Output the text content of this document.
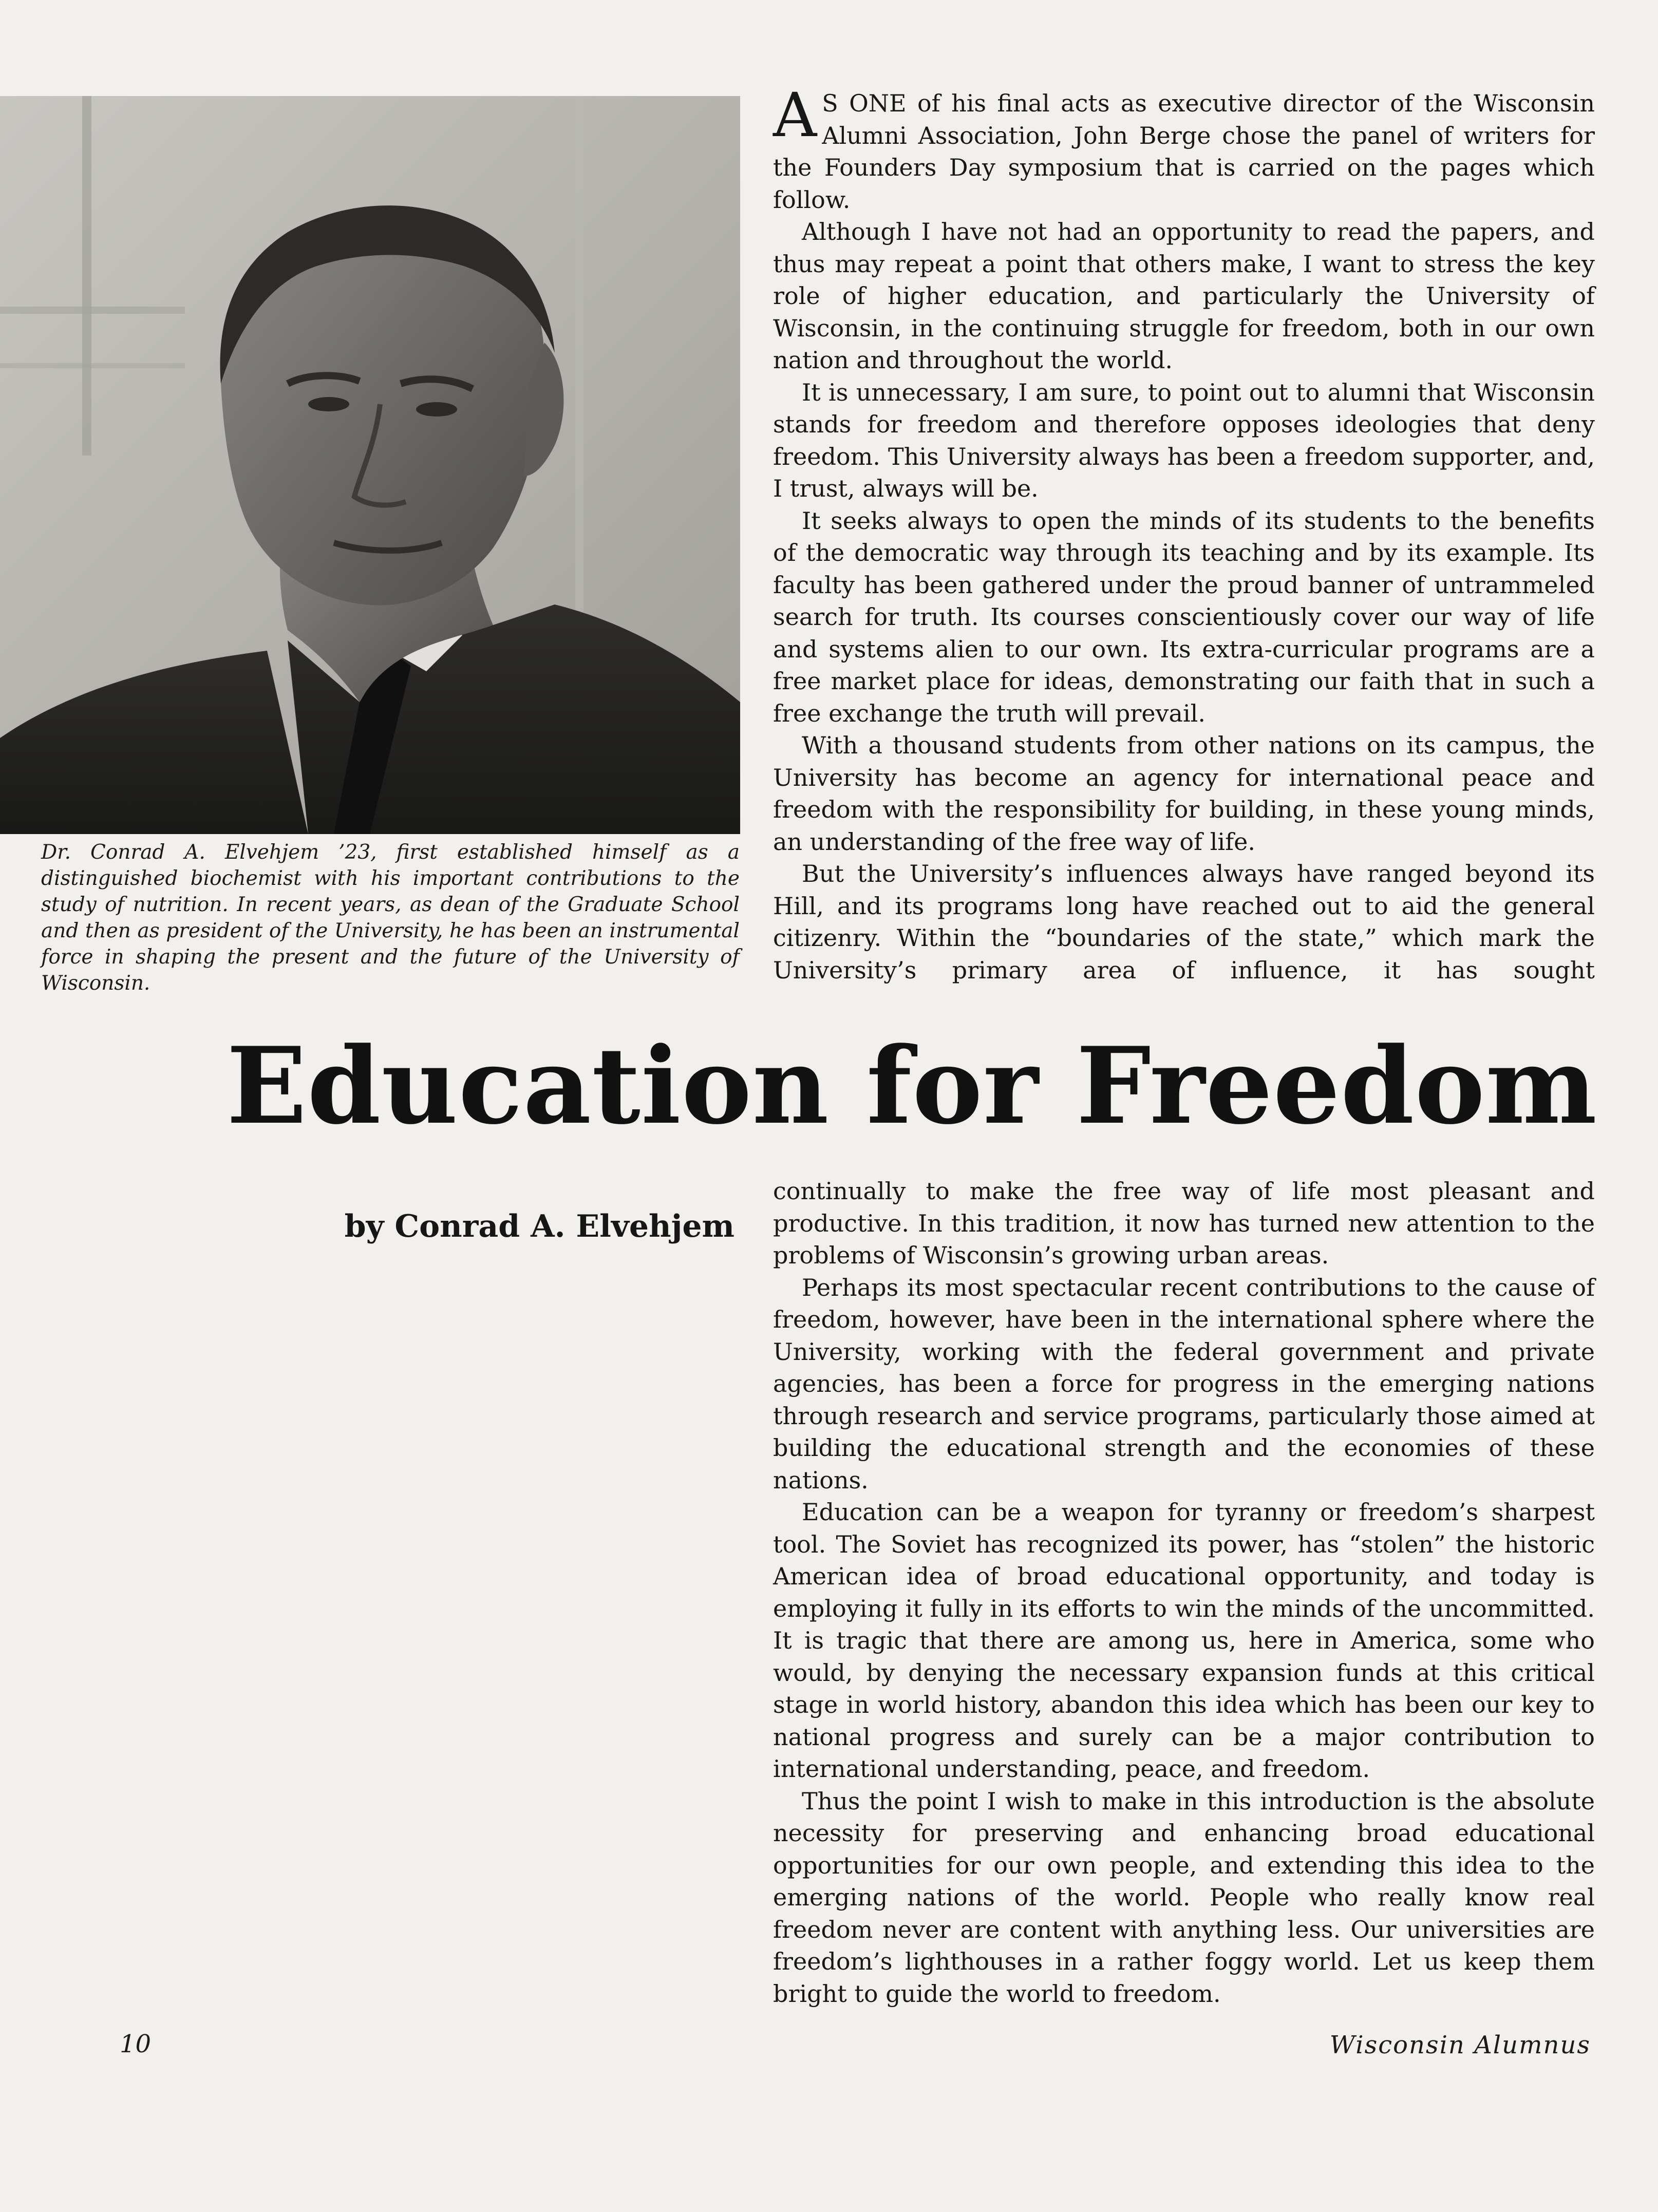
Dr. Conrad A. Elvehjem ’23, first established himself as a distinguished biochemist with his important contributions to the study of nutrition. In recent years, as dean of the Graduate School and then as president of the University, he has been an instrumental force in shaping the present and the future of the University of Wisconsin.

A S ONE of his final acts as executive director of the Wisconsin Alumni Association, John Berge chose the panel of writers for the Founders Day symposium that is carried on the pages which follow.

Although I have not had an opportunity to read the papers, and thus may repeat a point that others make, I want to stress the key role of higher education, and particularly the University of Wisconsin, in the continuing struggle for freedom, both in our own nation and throughout the world.

It is unnecessary, I am sure, to point out to alumni that Wisconsin stands for freedom and therefore opposes ideologies that deny freedom. This University always has been a freedom supporter, and, I trust, always will be.

It seeks always to open the minds of its students to the benefits of the democratic way through its teaching and by its example. Its faculty has been gathered under the proud banner of untrammeled search for truth. Its courses conscientiously cover our way of life and systems alien to our own. Its extra-curricular programs are a free market place for ideas, demonstrating our faith that in such a free exchange the truth will prevail.

With a thousand students from other nations on its campus, the University has become an agency for international peace and freedom with the responsibility for building, in these young minds, an understanding of the free way of life.

But the University’s influences always have ranged beyond its Hill, and its programs long have reached out to aid the general citizenry. Within the “boundaries of the state,” which mark the University’s primary area of influence, it has sought

Education for Freedom
by Conrad A. Elvehjem

continually to make the free way of life most pleasant and productive. In this tradition, it now has turned new attention to the problems of Wisconsin’s growing urban areas.

Perhaps its most spectacular recent contributions to the cause of freedom, however, have been in the international sphere where the University, working with the federal government and private agencies, has been a force for progress in the emerging nations through research and service programs, particularly those aimed at building the educational strength and the economies of these nations.

Education can be a weapon for tyranny or freedom’s sharpest tool. The Soviet has recognized its power, has “stolen” the historic American idea of broad educational opportunity, and today is employing it fully in its efforts to win the minds of the uncommitted. It is tragic that there are among us, here in America, some who would, by denying the necessary expansion funds at this critical stage in world history, abandon this idea which has been our key to national progress and surely can be a major contribution to international understanding, peace, and freedom.

Thus the point I wish to make in this introduction is the absolute necessity for preserving and enhancing broad educational opportunities for our own people, and extending this idea to the emerging nations of the world. People who really know real freedom never are content with anything less. Our universities are freedom’s lighthouses in a rather foggy world. Let us keep them bright to guide the world to freedom.

10	Wisconsin Alumnus
